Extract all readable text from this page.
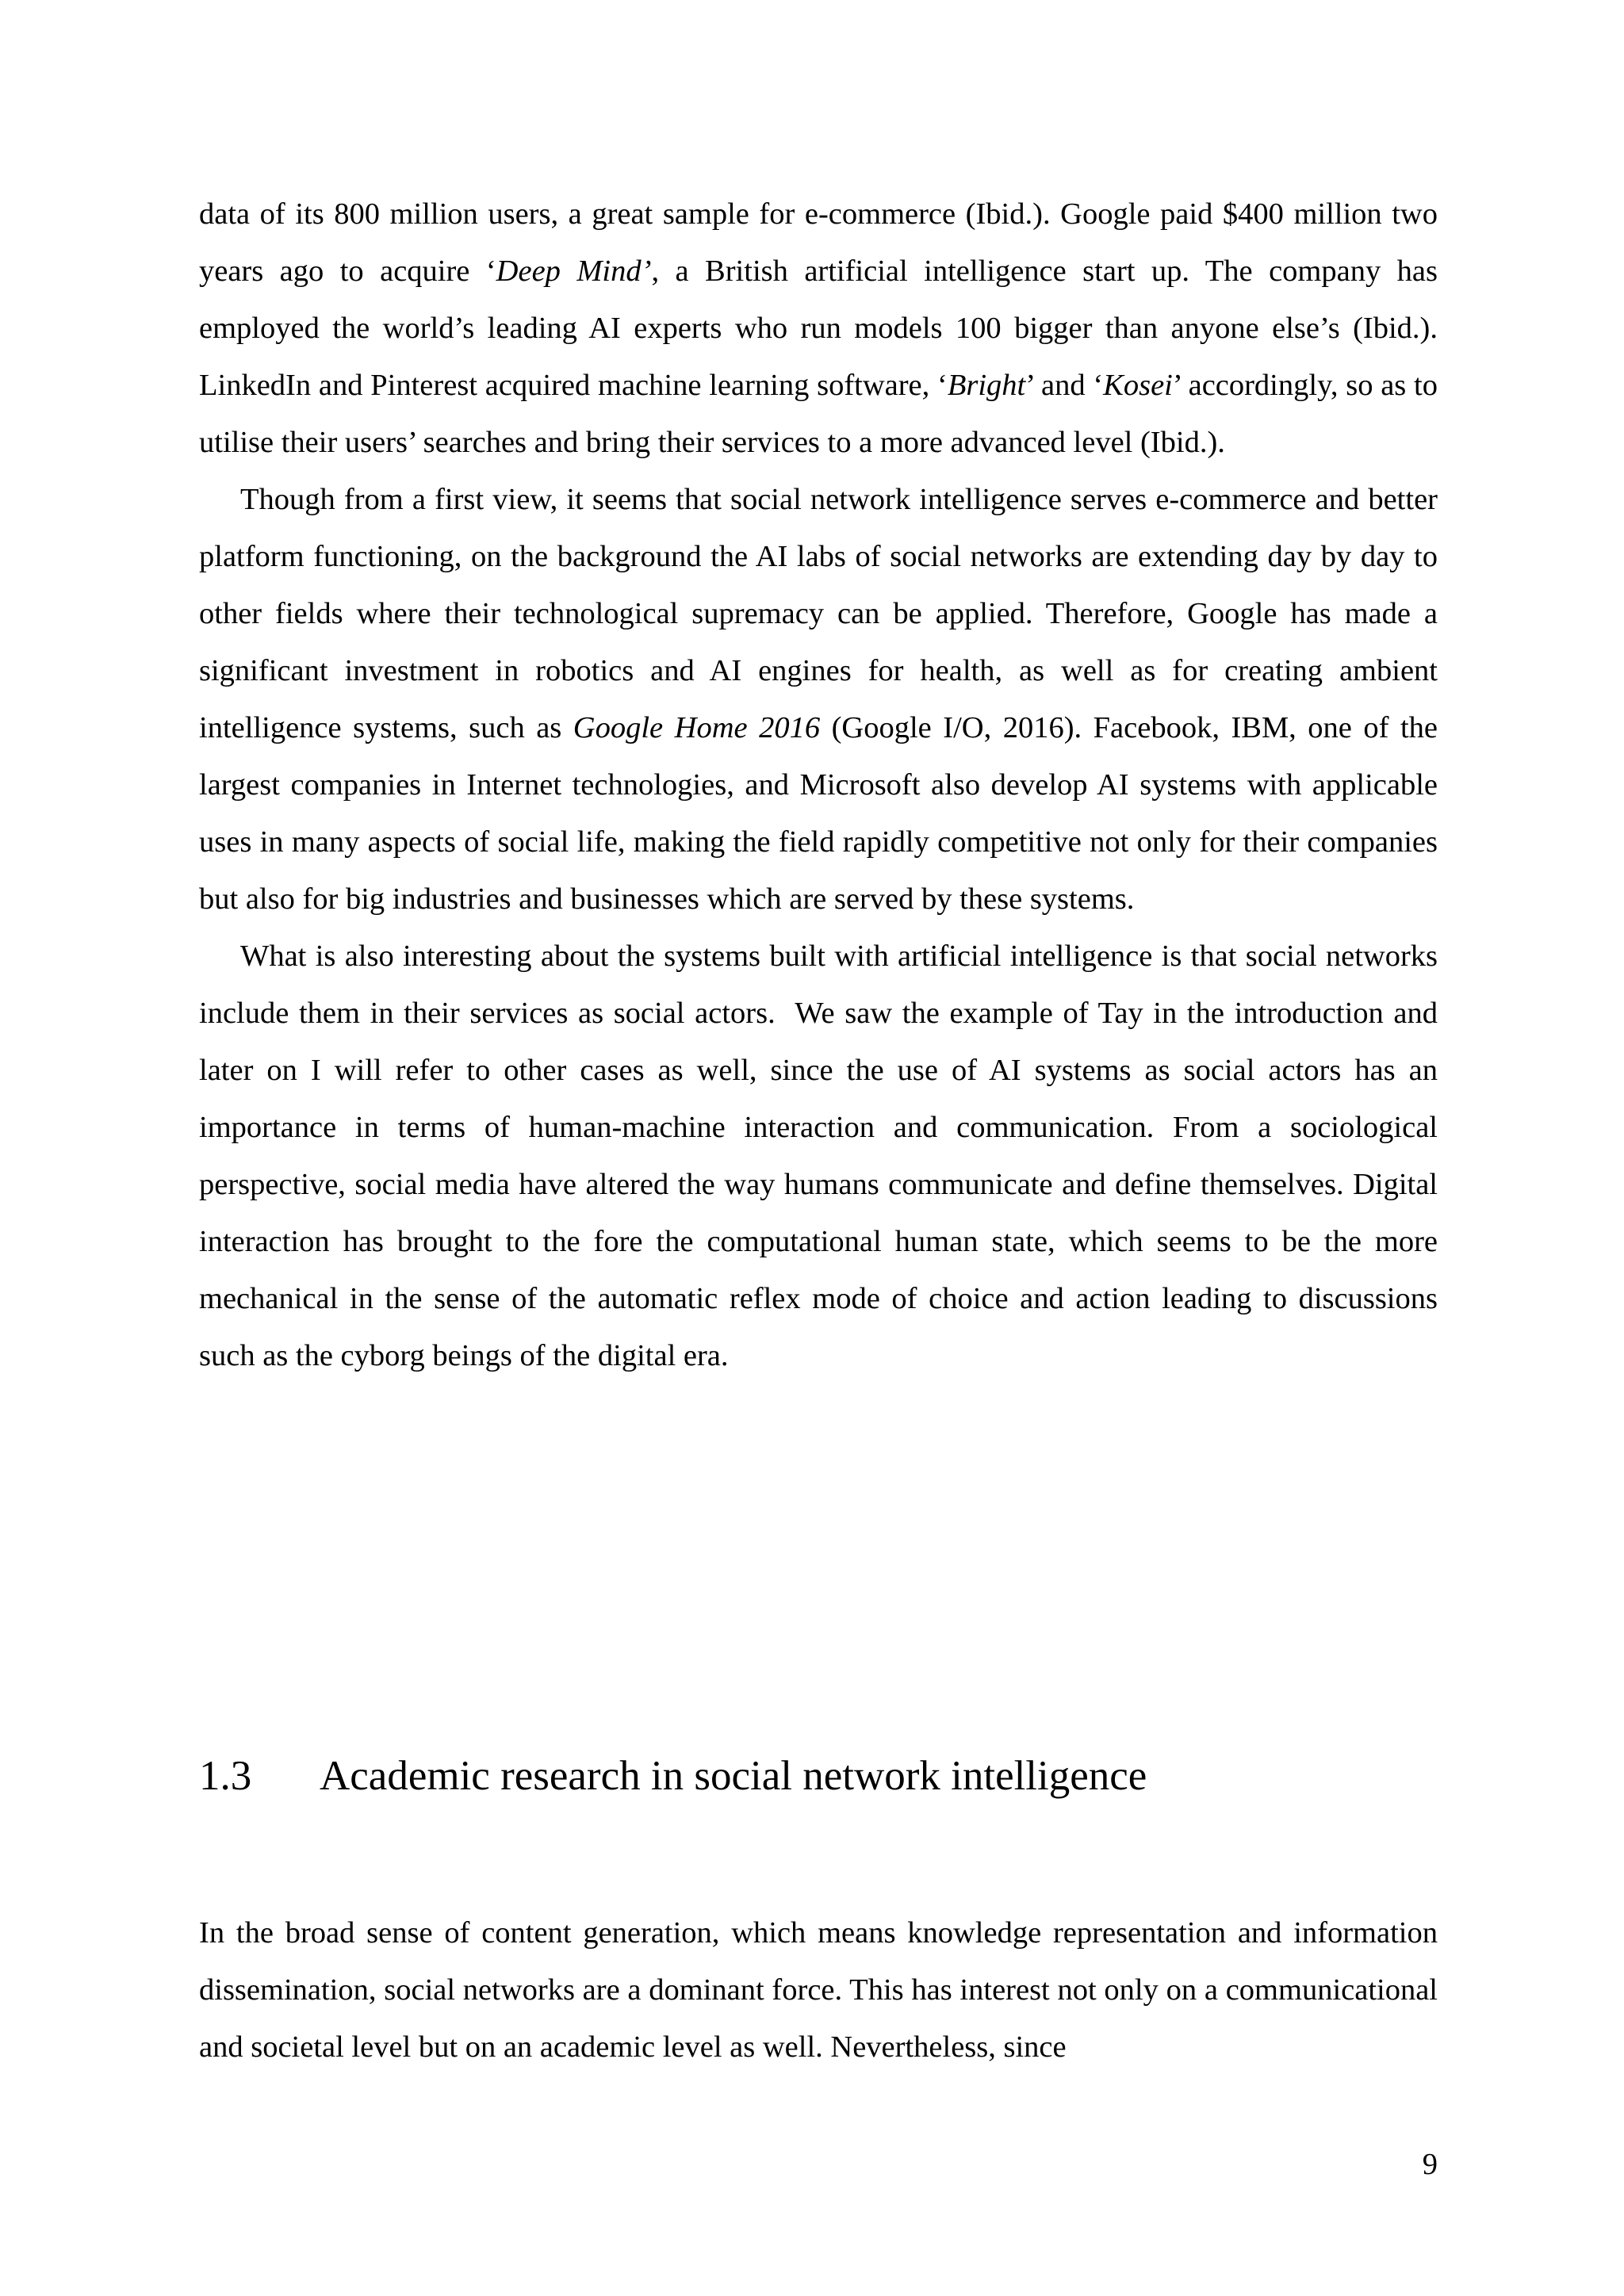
data of its 800 million users, a great sample for e-commerce (Ibid.). Google paid $400 million two years ago to acquire ‘Deep Mind’, a British artificial intelligence start up. The company has employed the world’s leading AI experts who run models 100 bigger than anyone else’s (Ibid.). LinkedIn and Pinterest acquired machine learning software, ‘Bright’ and ‘Kosei’ accordingly, so as to utilise their users’ searches and bring their services to a more advanced level (Ibid.).

Though from a first view, it seems that social network intelligence serves e-commerce and better platform functioning, on the background the AI labs of social networks are extending day by day to other fields where their technological supremacy can be applied. Therefore, Google has made a significant investment in robotics and AI engines for health, as well as for creating ambient intelligence systems, such as Google Home 2016 (Google I/O, 2016). Facebook, IBM, one of the largest companies in Internet technologies, and Microsoft also develop AI systems with applicable uses in many aspects of social life, making the field rapidly competitive not only for their companies but also for big industries and businesses which are served by these systems.

What is also interesting about the systems built with artificial intelligence is that social networks include them in their services as social actors.  We saw the example of Tay in the introduction and later on I will refer to other cases as well, since the use of AI systems as social actors has an importance in terms of human-machine interaction and communication. From a sociological perspective, social media have altered the way humans communicate and define themselves. Digital interaction has brought to the fore the computational human state, which seems to be the more mechanical in the sense of the automatic reflex mode of choice and action leading to discussions such as the cyborg beings of the digital era.

1.3 Academic research in social network intelligence

In the broad sense of content generation, which means knowledge representation and information dissemination, social networks are a dominant force. This has interest not only on a communicational and societal level but on an academic level as well. Nevertheless, since

9
